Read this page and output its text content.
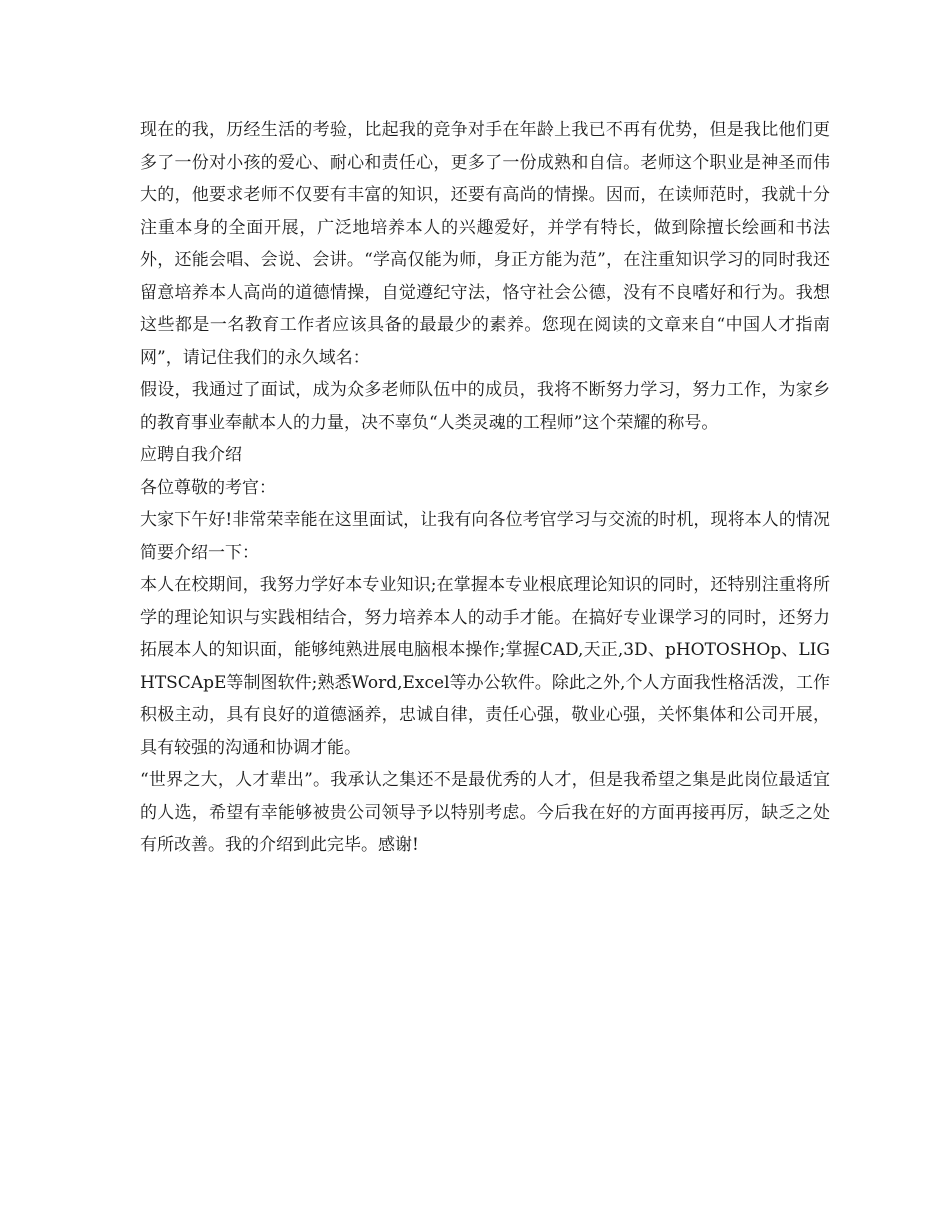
现在的我，历经生活的考验，比起我的竞争对手在年龄上我已不再有优势，但是我比他们更多了一份对小孩的爱心、耐心和责任心，更多了一份成熟和自信。老师这个职业是神圣而伟大的，他要求老师不仅要有丰富的知识，还要有高尚的情操。因而，在读师范时，我就十分注重本身的全面开展，广泛地培养本人的兴趣爱好，并学有特长，做到除擅长绘画和书法外，还能会唱、会说、会讲。“学高仅能为师，身正方能为范”，在注重知识学习的同时我还留意培养本人高尚的道德情操，自觉遵纪守法，恪守社会公德，没有不良嗜好和行为。我想这些都是一名教育工作者应该具备的最最少的素养。您现在阅读的文章来自“中国人才指南网”，请记住我们的永久域名：

假设，我通过了面试，成为众多老师队伍中的成员，我将不断努力学习，努力工作，为家乡的教育事业奉献本人的力量，决不辜负“人类灵魂的工程师”这个荣耀的称号。

应聘自我介绍

各位尊敬的考官：

大家下午好!非常荣幸能在这里面试，让我有向各位考官学习与交流的时机，现将本人的情况简要介绍一下：

本人在校期间，我努力学好本专业知识;在掌握本专业根底理论知识的同时，还特别注重将所学的理论知识与实践相结合，努力培养本人的动手才能。在搞好专业课学习的同时，还努力拓展本人的知识面，能够纯熟进展电脑根本操作;掌握CAD,天正,3D、pHOTOSHOp、LIGHTSCApE等制图软件;熟悉Word,Excel等办公软件。除此之外,个人方面我性格活泼，工作积极主动，具有良好的道德涵养，忠诚自律，责任心强，敬业心强，关怀集体和公司开展，具有较强的沟通和协调才能。

“世界之大，人才辈出”。我承认之集还不是最优秀的人才，但是我希望之集是此岗位最适宜的人选，希望有幸能够被贵公司领导予以特别考虑。今后我在好的方面再接再厉，缺乏之处有所改善。我的介绍到此完毕。感谢!
